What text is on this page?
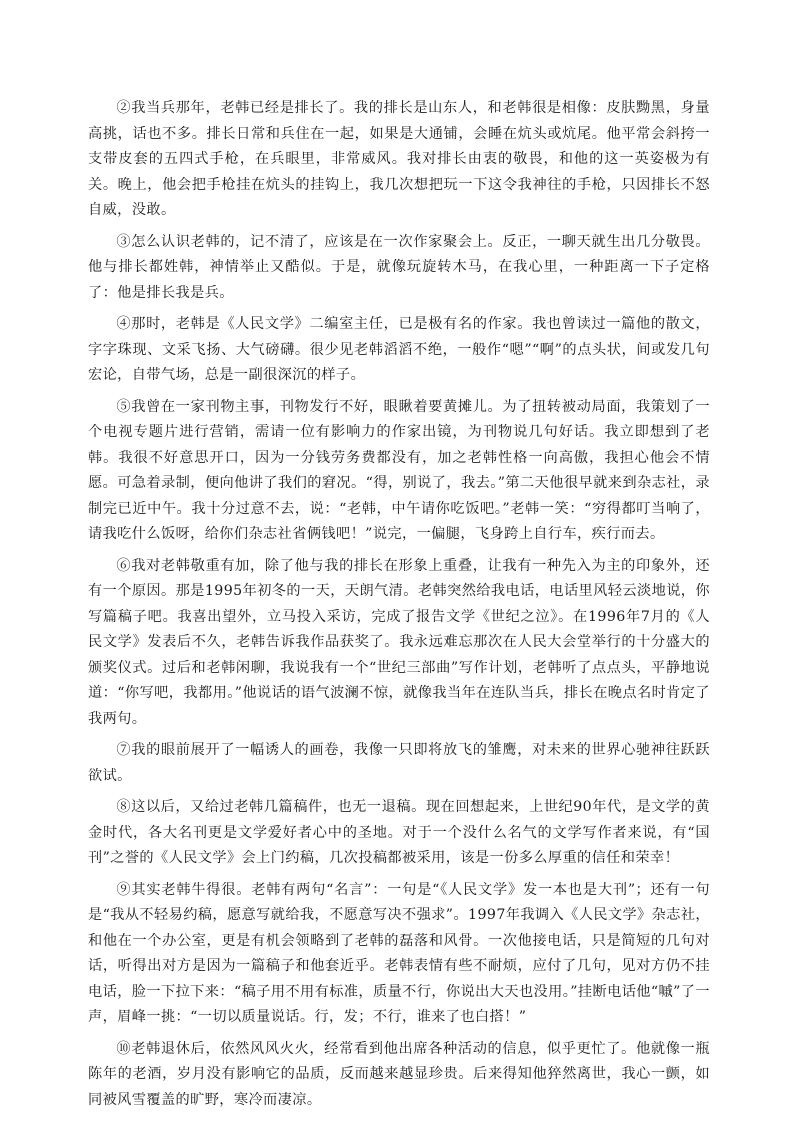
②我当兵那年，老韩已经是排长了。我的排长是山东人，和老韩很是相像：皮肤黝黑，身量高挑，话也不多。排长日常和兵住在一起，如果是大通铺，会睡在炕头或炕尾。他平常会斜挎一支带皮套的五四式手枪，在兵眼里，非常威风。我对排长由衷的敬畏，和他的这一英姿极为有关。晚上，他会把手枪挂在炕头的挂钩上，我几次想把玩一下这令我神往的手枪，只因排长不怒自威，没敢。

③怎么认识老韩的，记不清了，应该是在一次作家聚会上。反正，一聊天就生出几分敬畏。他与排长都姓韩，神情举止又酷似。于是，就像玩旋转木马，在我心里，一种距离一下子定格了：他是排长我是兵。

④那时，老韩是《人民文学》二编室主任，已是极有名的作家。我也曾读过一篇他的散文，字字珠现、文采飞扬、大气磅礴。很少见老韩滔滔不绝，一般作“嗯”“啊”的点头状，间或发几句宏论，自带气场，总是一副很深沉的样子。

⑤我曾在一家刊物主事，刊物发行不好，眼瞅着要黄摊儿。为了扭转被动局面，我策划了一个电视专题片进行营销，需请一位有影响力的作家出镜，为刊物说几句好话。我立即想到了老韩。我很不好意思开口，因为一分钱劳务费都没有，加之老韩性格一向高傲，我担心他会不情愿。可急着录制，便向他讲了我们的窘况。“得，别说了，我去。”第二天他很早就来到杂志社，录制完已近中午。我十分过意不去，说：“老韩，中午请你吃饭吧。”老韩一笑：“穷得都叮当响了，请我吃什么饭呀，给你们杂志社省俩钱吧！”说完，一偏腿，飞身跨上自行车，疾行而去。

⑥我对老韩敬重有加，除了他与我的排长在形象上重叠，让我有一种先入为主的印象外，还有一个原因。那是1995年初冬的一天，天朗气清。老韩突然给我电话，电话里风轻云淡地说，你写篇稿子吧。我喜出望外，立马投入采访，完成了报告文学《世纪之泣》。在1996年7月的《人民文学》发表后不久，老韩告诉我作品获奖了。我永远难忘那次在人民大会堂举行的十分盛大的颁奖仪式。过后和老韩闲聊，我说我有一个“世纪三部曲”写作计划，老韩听了点点头，平静地说道：“你写吧，我都用。”他说话的语气波澜不惊，就像我当年在连队当兵，排长在晚点名时肯定了我两句。

⑦我的眼前展开了一幅诱人的画卷，我像一只即将放飞的雏鹰，对未来的世界心驰神往跃跃欲试。

⑧这以后，又给过老韩几篇稿件，也无一退稿。现在回想起来，上世纪90年代，是文学的黄金时代，各大名刊更是文学爱好者心中的圣地。对于一个没什么名气的文学写作者来说，有“国刊”之誉的《人民文学》会上门约稿，几次投稿都被采用，该是一份多么厚重的信任和荣幸！

⑨其实老韩牛得很。老韩有两句“名言”：一句是“《人民文学》发一本也是大刊”；还有一句是“我从不轻易约稿，愿意写就给我，不愿意写决不强求”。1997年我调入《人民文学》杂志社，和他在一个办公室，更是有机会领略到了老韩的磊落和风骨。一次他接电话，只是简短的几句对话，听得出对方是因为一篇稿子和他套近乎。老韩表情有些不耐烦，应付了几句，见对方仍不挂电话，脸一下拉下来：“稿子用不用有标准，质量不行，你说出大天也没用。”挂断电话他“嘁”了一声，眉峰一挑：“一切以质量说话。行，发；不行，谁来了也白搭！”

⑩老韩退休后，依然风风火火，经常看到他出席各种活动的信息，似乎更忙了。他就像一瓶陈年的老酒，岁月没有影响它的品质，反而越来越显珍贵。后来得知他猝然离世，我心一颤，如同被风雪覆盖的旷野，寒冷而凄凉。
